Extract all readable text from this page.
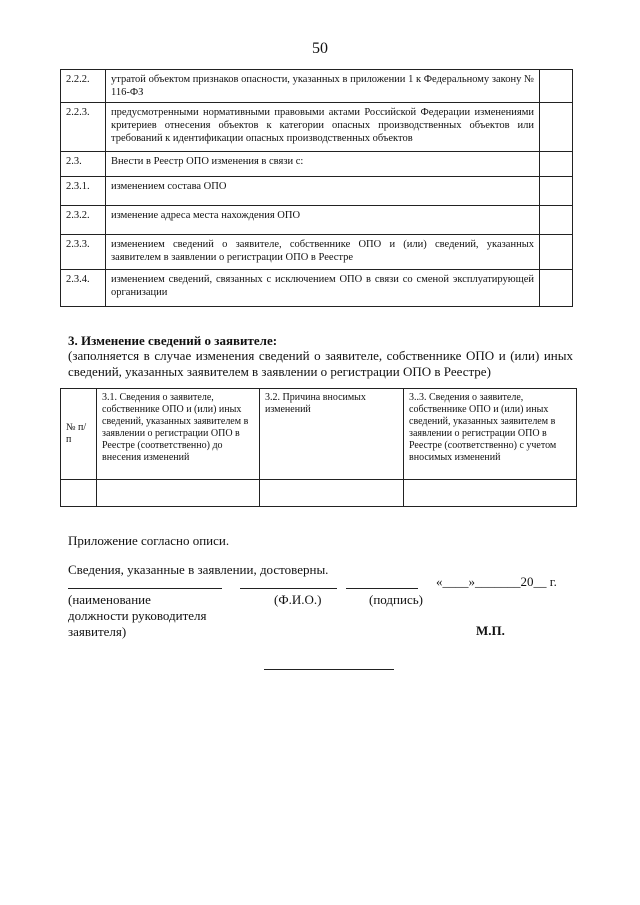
50
2.2.2.	утратой объектом признаков опасности, указанных в приложении 1 к Федеральному закону № 116-ФЗ	
2.2.3.	предусмотренными нормативными правовыми актами Российской Федерации изменениями критериев отнесения объектов к категории опасных производственных объектов или требований к идентификации опасных производственных объектов	
2.3.	Внести в Реестр ОПО изменения в связи с:	
2.3.1.	изменением состава ОПО	
2.3.2.	изменение адреса места нахождения ОПО	
2.3.3.	изменением сведений о заявителе, собственнике ОПО и (или) сведений, указанных заявителем в заявлении о регистрации ОПО в Реестре	
2.3.4.	изменением сведений, связанных с исключением ОПО в связи со сменой эксплуатирующей организации	
3. Изменение сведений о заявителе:
(заполняется в случае изменения сведений о заявителе, собственнике ОПО и (или) иных сведений, указанных заявителем в заявлении о регистрации ОПО в Реестре)
№ п/п	3.1. Сведения о заявителе, собственнике ОПО и (или) иных сведений, указанных заявителем в заявлении о регистрации ОПО в Реестре (соответственно) до внесения изменений	3.2. Причина вносимых изменений	3..3. Сведения о заявителе, собственнике ОПО и (или) иных сведений, указанных заявителем в заявлении о регистрации ОПО в Реестре (соответственно) с учетом вносимых изменений

Приложение согласно описи.
Сведения, указанные в заявлении, достоверны.
«____»_______20__ г.
(наименование
должности руководителя
заявителя)
(Ф.И.О.)	(подпись)
М.П.
